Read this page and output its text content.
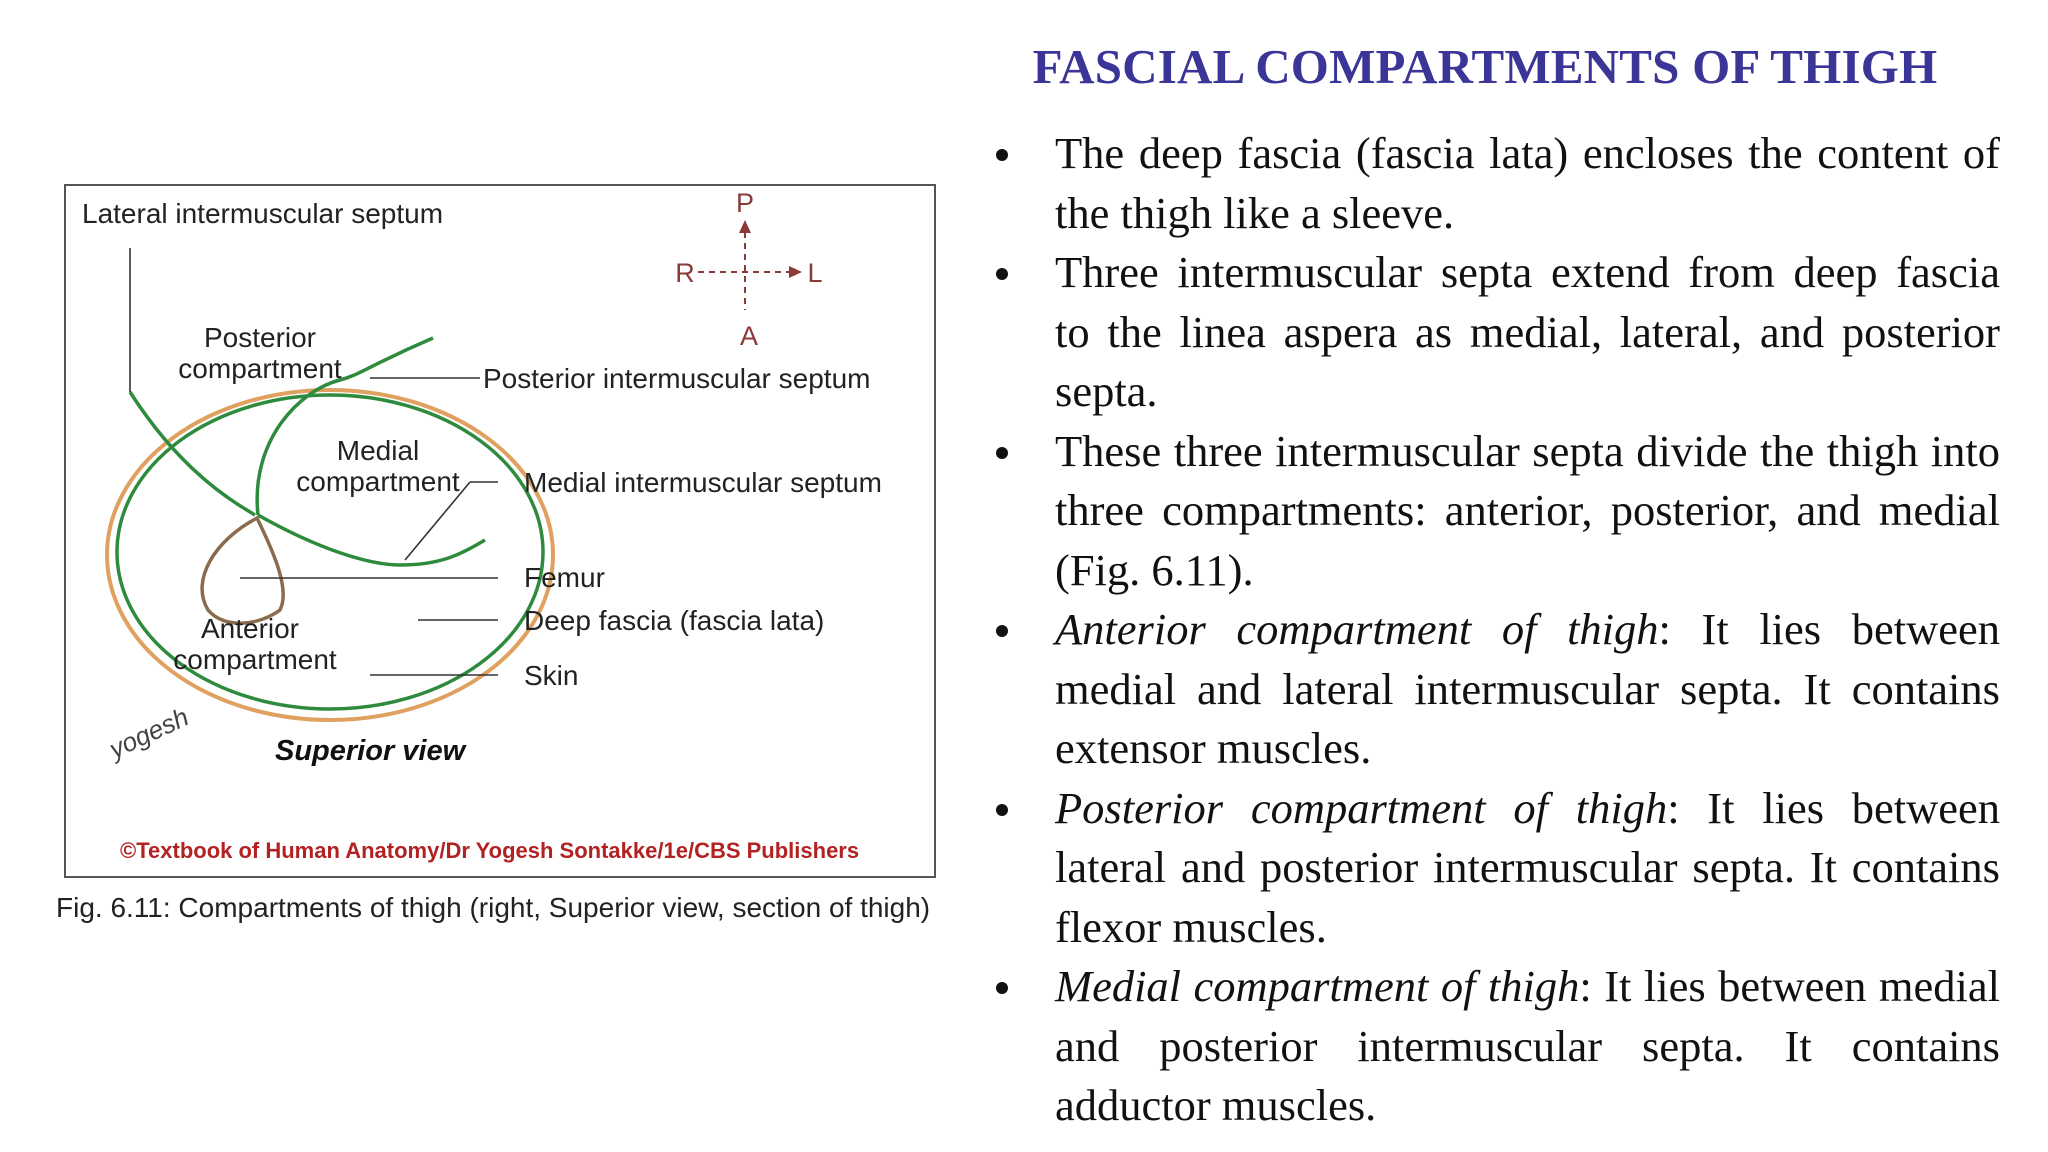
FASCIAL COMPARTMENTS OF THIGH
P
A
R	L
Lateral intermuscular septum
Posterior intermuscular septum
Medial intermuscular septum
Femur
Deep fascia (fascia lata)
Skin
Posterior
compartment
Medial
compartment
Anterior
compartment
yogesh	Superior view
©Textbook of Human Anatomy/Dr Yogesh Sontakke/1e/CBS Publishers
Fig. 6.11: Compartments of thigh (right, Superior view, section of thigh)
The deep fascia (fascia lata) encloses the content of the thigh like a sleeve.
Three intermuscular septa extend from deep fascia to the linea aspera as medial, lateral, and posterior septa.
These three intermuscular septa divide the thigh into three compartments: anterior, posterior, and medial (Fig. 6.11).
Anterior compartment of thigh: It lies between medial and lateral intermuscular septa. It contains extensor muscles.
Posterior compartment of thigh: It lies between lateral and posterior intermuscular septa. It contains flexor muscles.
Medial compartment of thigh: It lies between medial and posterior intermuscular septa. It contains adductor muscles.
